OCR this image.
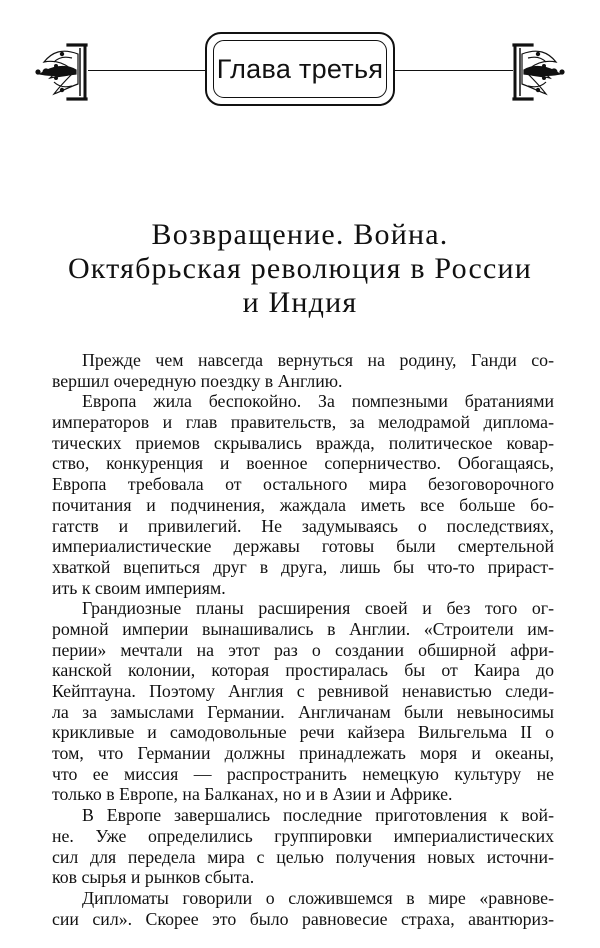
Глава третья
Возвращение. Война.
Октябрьская революция в России
и Индия
Прежде чем навсегда вернуться на родину, Ганди со-
вершил очередную поездку в Англию.
Европа жила беспокойно. За помпезными братаниями
императоров и глав правительств, за мелодрамой диплома-
тических приемов скрывались вражда, политическое ковар-
ство, конкуренция и военное соперничество. Обогащаясь,
Европа требовала от остального мира безоговорочного
почитания и подчинения, жаждала иметь все больше бо-
гатств и привилегий. Не задумываясь о последствиях,
империалистические державы готовы были смертельной
хваткой вцепиться друг в друга, лишь бы что-то прираст-
ить к своим империям.
Грандиозные планы расширения своей и без того ог-
ромной империи вынашивались в Англии. «Строители им-
перии» мечтали на этот раз о создании обширной афри-
канской колонии, которая простиралась бы от Каира до
Кейптауна. Поэтому Англия с ревнивой ненавистью следи-
ла за замыслами Германии. Англичанам были невыносимы
крикливые и самодовольные речи кайзера Вильгельма II о
том, что Германии должны принадлежать моря и океаны,
что ее миссия — распространить немецкую культуру не
только в Европе, на Балканах, но и в Азии и Африке.
В Европе завершались последние приготовления к вой-
не. Уже определились группировки империалистических
сил для передела мира с целью получения новых источни-
ков сырья и рынков сбыта.
Дипломаты говорили о сложившемся в мире «равнове-
сии сил». Скорее это было равновесие страха, авантюриз-
